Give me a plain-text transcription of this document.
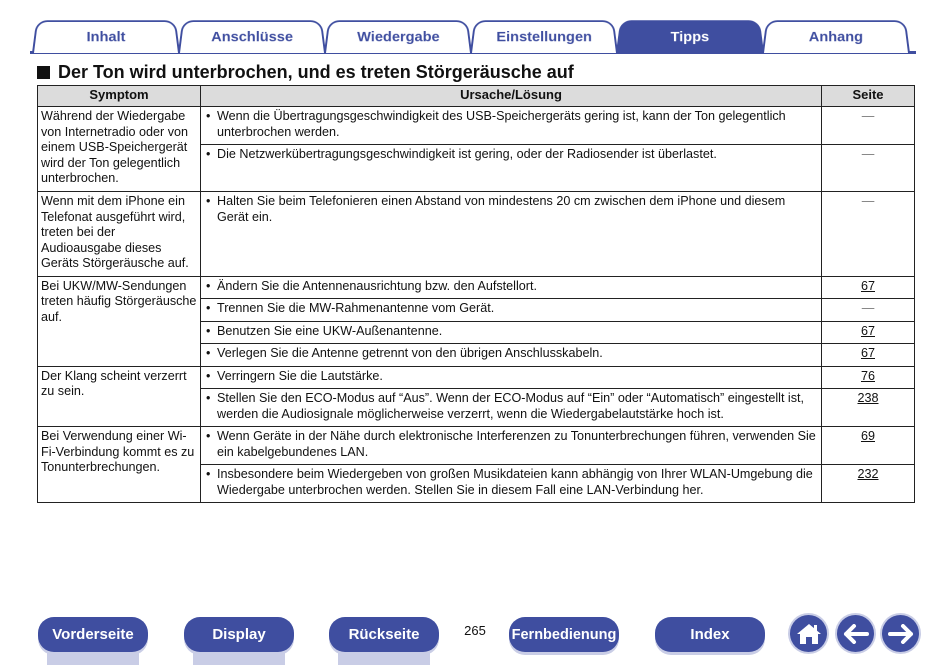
Inhalt	Anschlüsse	Wiedergabe	Einstellungen	Tipps	Anhang
Der Ton wird unterbrochen, und es treten Störgeräusche auf
Symptom	Ursache/Lösung	Seite
Während der Wiedergabe von Internetradio oder von einem USB-Speichergerät wird der Ton gelegentlich unterbrochen.	• Wenn die Übertragungsgeschwindigkeit des USB-Speichergeräts gering ist, kann der Ton gelegentlich unterbrochen werden.	—
	• Die Netzwerkübertragungsgeschwindigkeit ist gering, oder der Radiosender ist überlastet.	—
Wenn mit dem iPhone ein Telefonat ausgeführt wird, treten bei der Audioausgabe dieses Geräts Störgeräusche auf.	• Halten Sie beim Telefonieren einen Abstand von mindestens 20 cm zwischen dem iPhone und diesem Gerät ein.	—
Bei UKW/MW-Sendungen treten häufig Störgeräusche auf.	• Ändern Sie die Antennenausrichtung bzw. den Aufstellort.	67
	• Trennen Sie die MW-Rahmenantenne vom Gerät.	—
	• Benutzen Sie eine UKW-Außenantenne.	67
	• Verlegen Sie die Antenne getrennt von den übrigen Anschlusskabeln.	67
Der Klang scheint verzerrt zu sein.	• Verringern Sie die Lautstärke.	76
	• Stellen Sie den ECO-Modus auf “Aus”. Wenn der ECO-Modus auf “Ein” oder “Automatisch” eingestellt ist, werden die Audiosignale möglicherweise verzerrt, wenn die Wiedergabelautstärke hoch ist.	238
Bei Verwendung einer Wi-Fi-Verbindung kommt es zu Tonunterbrechungen.	• Wenn Geräte in der Nähe durch elektronische Interferenzen zu Tonunterbrechungen führen, verwenden Sie ein kabelgebundenes LAN.	69
	• Insbesondere beim Wiedergeben von großen Musikdateien kann abhängig von Ihrer WLAN-Umgebung die Wiedergabe unterbrochen werden. Stellen Sie in diesem Fall eine LAN-Verbindung her.	232
Vorderseite	Display	Rückseite	265	Fernbedienung	Index
